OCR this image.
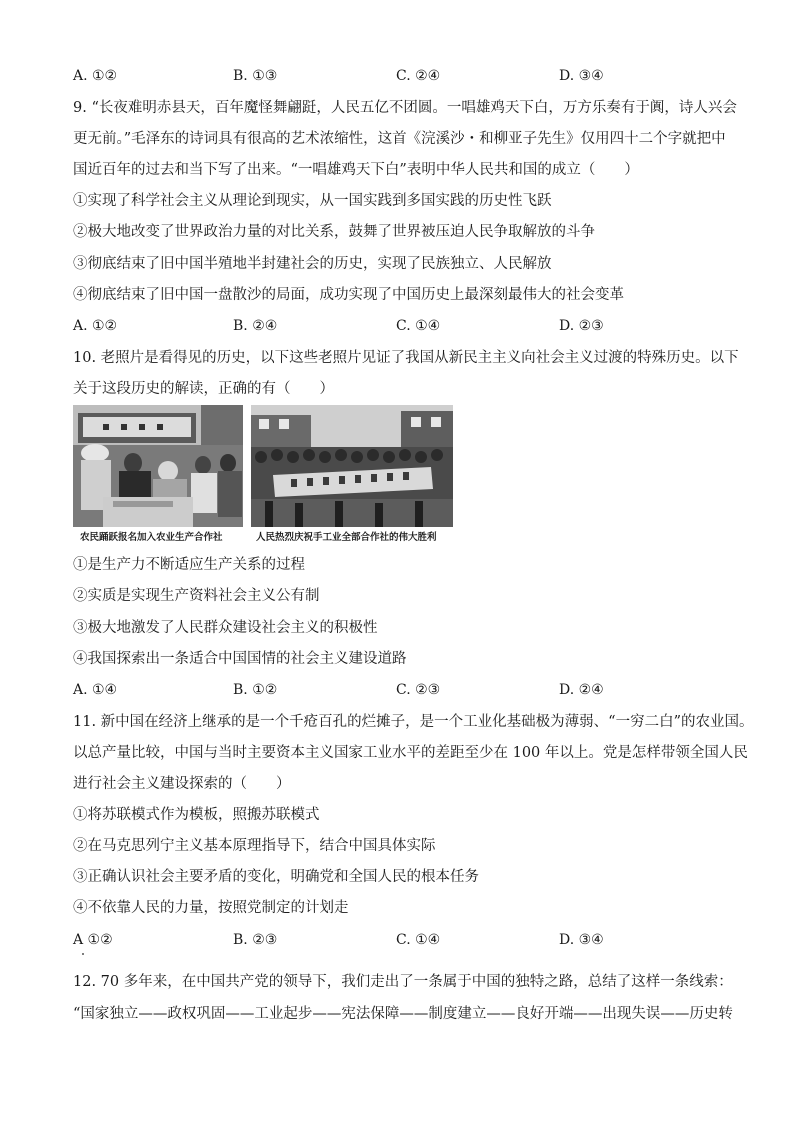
A. ①②	B. ①③	C. ②④	D. ③④
9. “长夜难明赤县天，百年魔怪舞翩跹，人民五亿不团圆。一唱雄鸡天下白，万方乐奏有于阗，诗人兴会
更无前。”毛泽东的诗词具有很高的艺术浓缩性，这首《浣溪沙・和柳亚子先生》仅用四十二个字就把中
国近百年的过去和当下写了出来。“一唱雄鸡天下白”表明中华人民共和国的成立（　　）
①实现了科学社会主义从理论到现实，从一国实践到多国实践的历史性飞跃
②极大地改变了世界政治力量的对比关系，鼓舞了世界被压迫人民争取解放的斗争
③彻底结束了旧中国半殖地半封建社会的历史，实现了民族独立、人民解放
④彻底结束了旧中国一盘散沙的局面，成功实现了中国历史上最深刻最伟大的社会变革
A. ①②	B. ②④	C. ①④	D. ②③
10. 老照片是看得见的历史，以下这些老照片见证了我国从新民主主义向社会主义过渡的特殊历史。以下
关于这段历史的解读，正确的有（　　）
农民踊跃报名加入农业生产合作社	人民热烈庆祝手工业全部合作社的伟大胜利
①是生产力不断适应生产关系的过程
②实质是实现生产资料社会主义公有制
③极大地激发了人民群众建设社会主义的积极性
④我国探索出一条适合中国国情的社会主义建设道路
A. ①④	B. ①②	C. ②③	D. ②④
11. 新中国在经济上继承的是一个千疮百孔的烂摊子，是一个工业化基础极为薄弱、“一穷二白”的农业国。
以总产量比较，中国与当时主要资本主义国家工业水平的差距至少在 100 年以上。党是怎样带领全国人民
进行社会主义建设探索的（　　）
①将苏联模式作为模板，照搬苏联模式
②在马克思列宁主义基本原理指导下，结合中国具体实际
③正确认识社会主要矛盾的变化，明确党和全国人民的根本任务
④不依靠人民的力量，按照党制定的计划走
A ①②	B. ②③	C. ①④	D. ③④
12. 70 多年来，在中国共产党的领导下，我们走出了一条属于中国的独特之路，总结了这样一条线索：
“国家独立——政权巩固——工业起步——宪法保障——制度建立——良好开端——出现失误——历史转
